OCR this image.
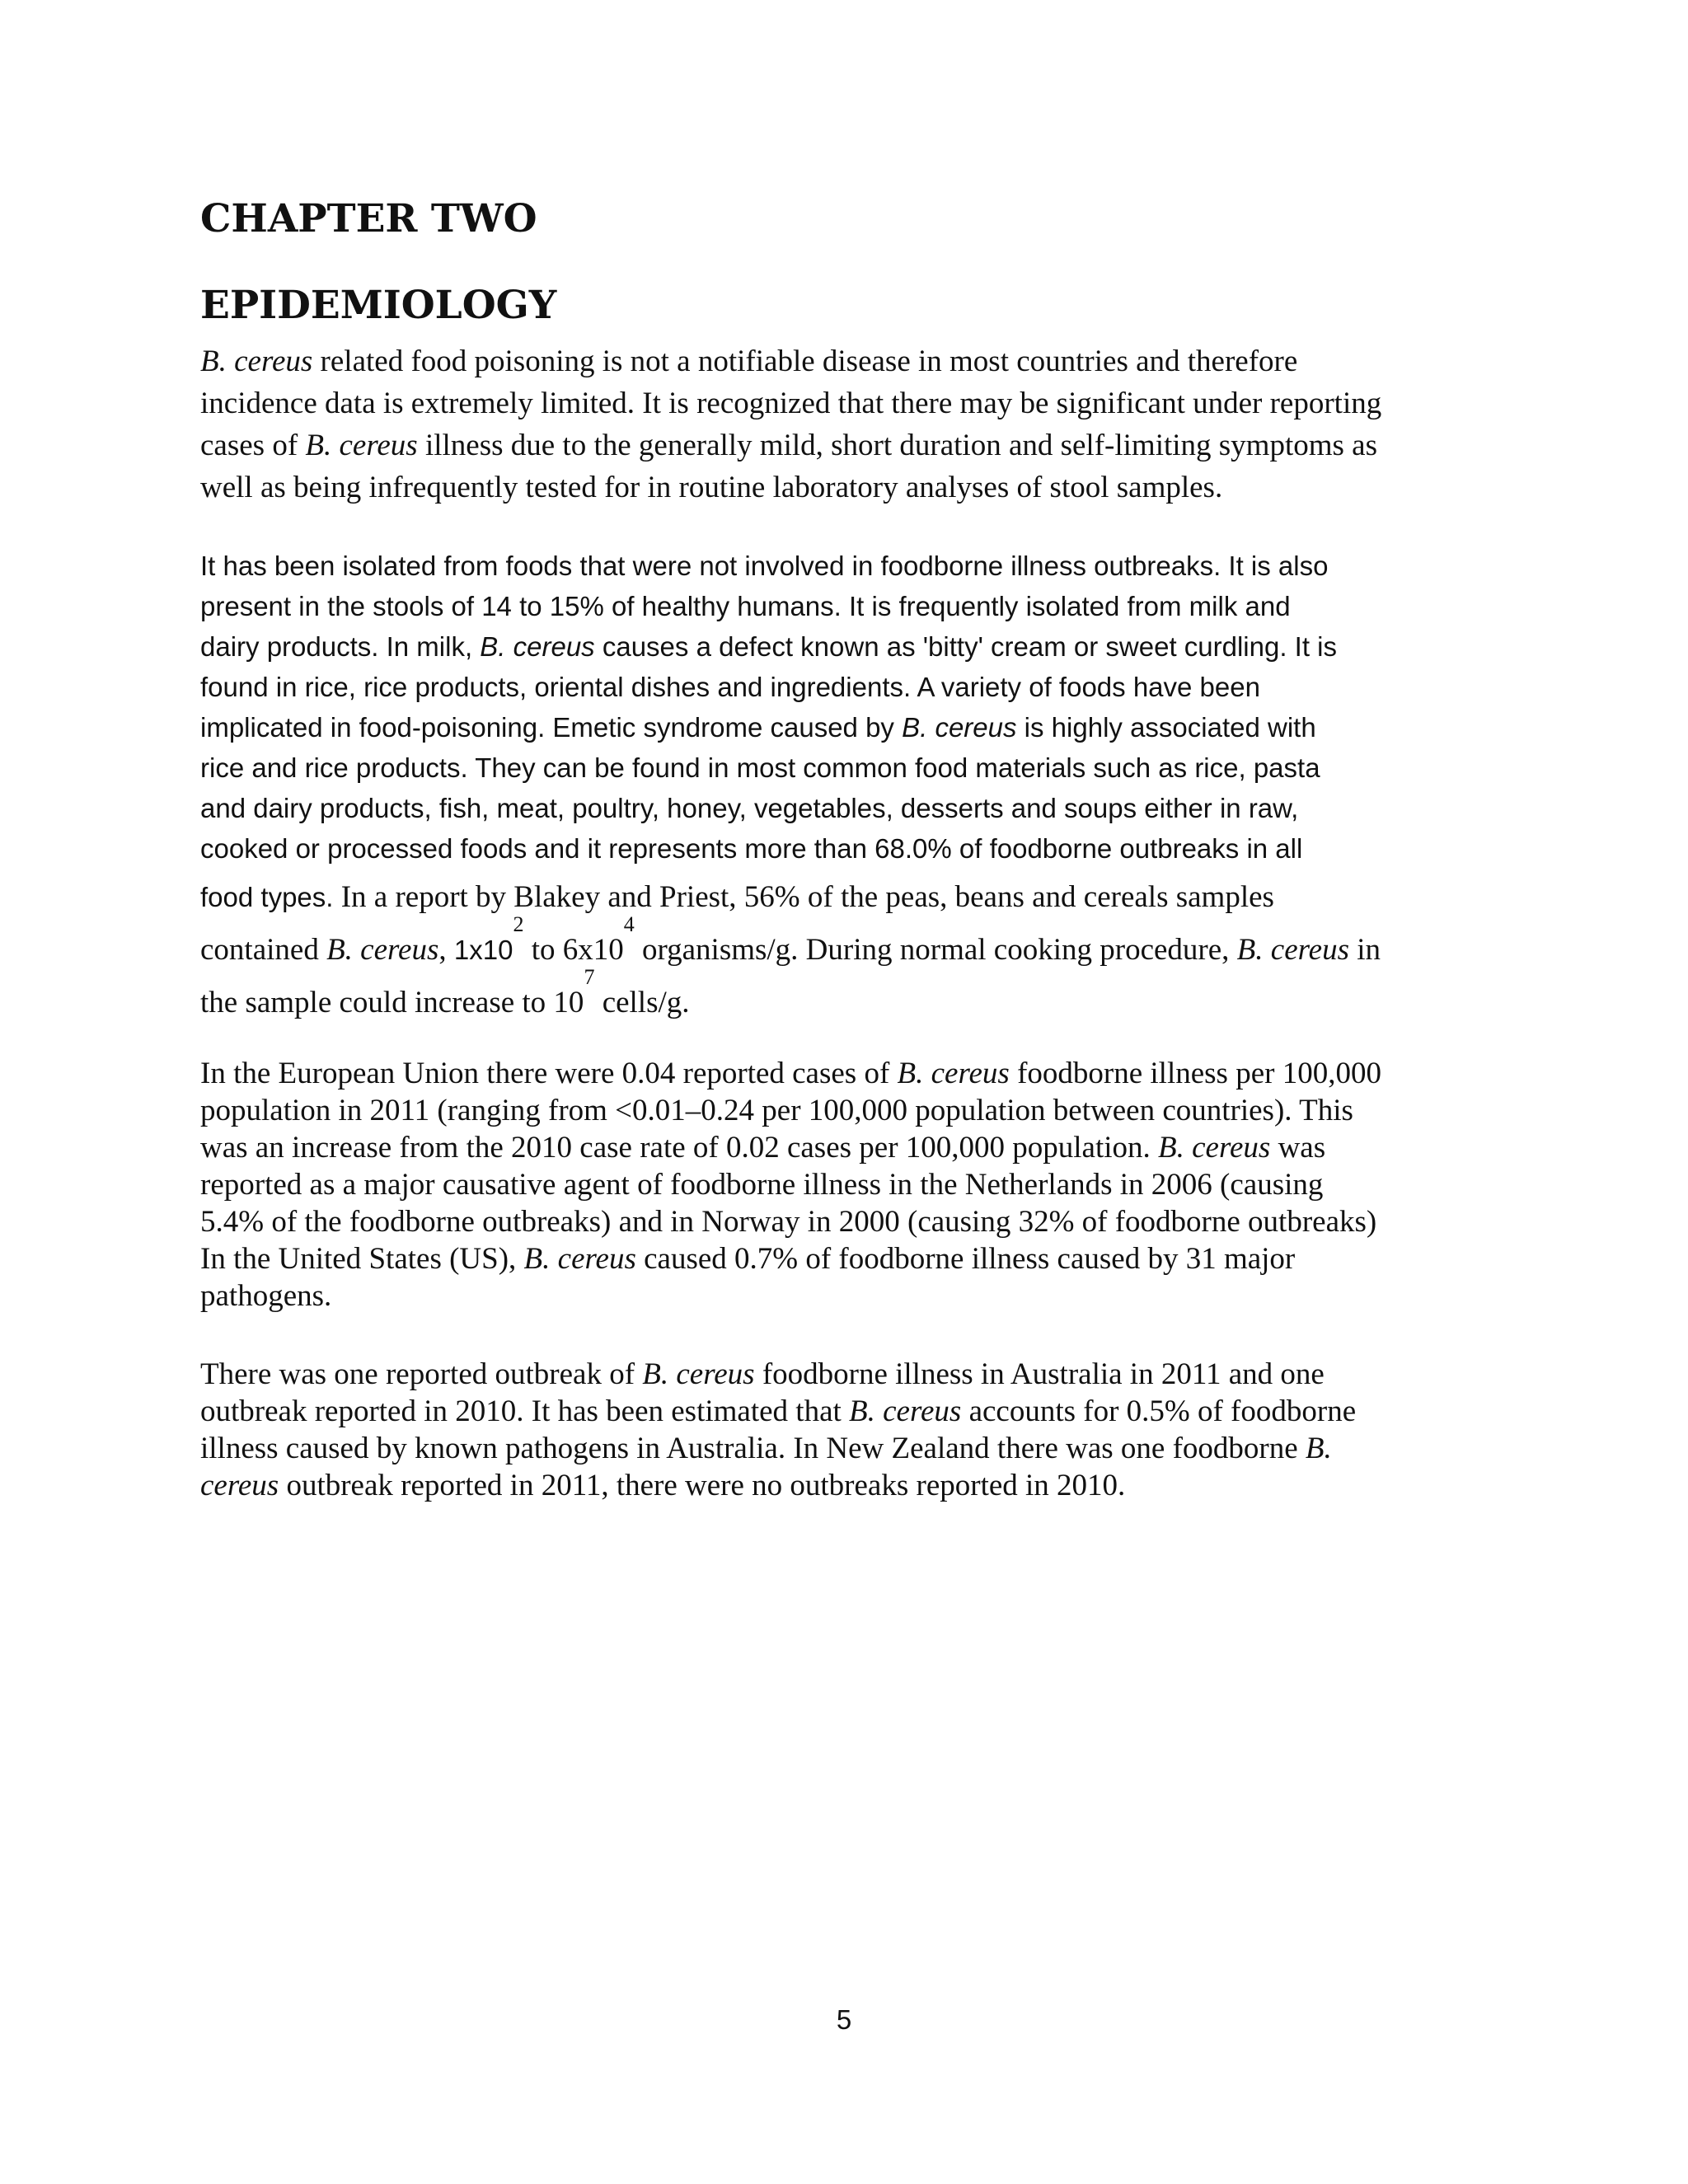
CHAPTER TWO
EPIDEMIOLOGY

B. cereus related food poisoning is not a notifiable disease in most countries and therefore
incidence data is extremely limited. It is recognized that there may be significant under reporting
cases of B. cereus illness due to the generally mild, short duration and self-limiting symptoms as
well as being infrequently tested for in routine laboratory analyses of stool samples.

It has been isolated from foods that were not involved in foodborne illness outbreaks. It is also
present in the stools of 14 to 15% of healthy humans. It is frequently isolated from milk and
dairy products. In milk, B. cereus causes a defect known as 'bitty' cream or sweet curdling. It is
found in rice, rice products, oriental dishes and ingredients. A variety of foods have been
implicated in food-poisoning. Emetic syndrome caused by B. cereus is highly associated with
rice and rice products. They can be found in most common food materials such as rice, pasta
and dairy products, fish, meat, poultry, honey, vegetables, desserts and soups either in raw,
cooked or processed foods and it represents more than 68.0% of foodborne outbreaks in all

food types. In a report by Blakey and Priest, 56% of the peas, beans and cereals samples
contained B. cereus, $1x10^2$ to $6x10^4$ organisms/g. During normal cooking procedure, B. cereus in
the sample could increase to $10^7$ cells/g.

In the European Union there were 0.04 reported cases of B. cereus foodborne illness per 100,000
population in 2011 (ranging from <0.01–0.24 per 100,000 population between countries). This
was an increase from the 2010 case rate of 0.02 cases per 100,000 population. B. cereus was
reported as a major causative agent of foodborne illness in the Netherlands in 2006 (causing
5.4% of the foodborne outbreaks) and in Norway in 2000 (causing 32% of foodborne outbreaks)
In the United States (US), B. cereus caused 0.7% of foodborne illness caused by 31 major
pathogens.

There was one reported outbreak of B. cereus foodborne illness in Australia in 2011 and one
outbreak reported in 2010. It has been estimated that B. cereus accounts for 0.5% of foodborne
illness caused by known pathogens in Australia. In New Zealand there was one foodborne B.
cereus outbreak reported in 2011, there were no outbreaks reported in 2010.

5
